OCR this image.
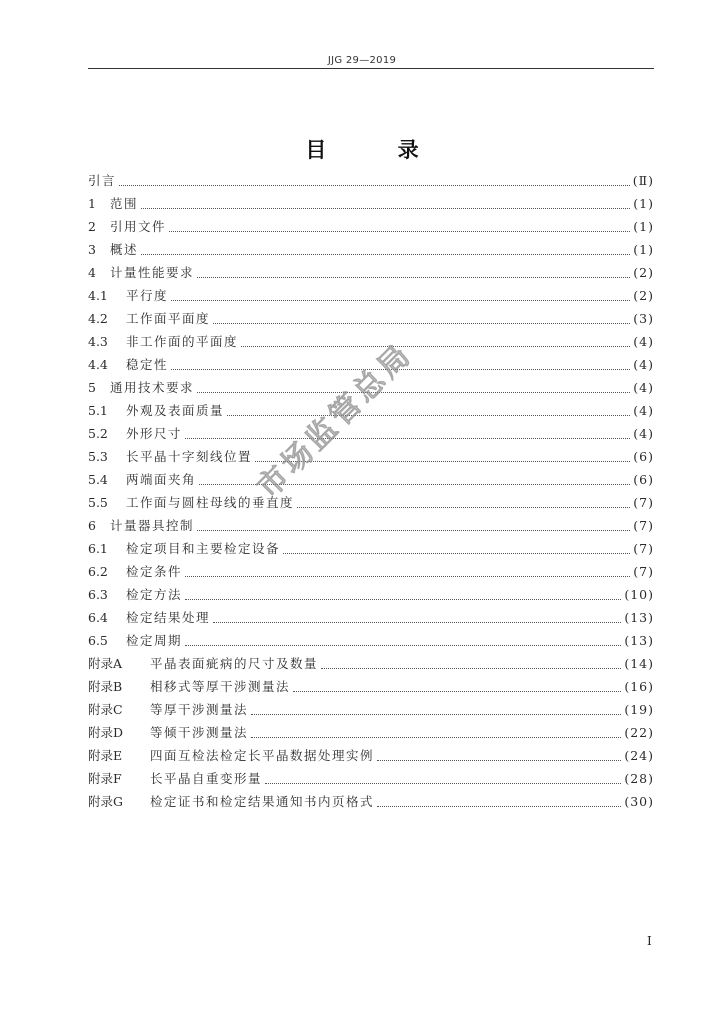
JJG 29—2019
目 录
引言	(Ⅱ)
1	范围	(1)
2	引用文件	(1)
3	概述	(1)
4	计量性能要求	(2)
4.1	平行度	(2)
4.2	工作面平面度	(3)
4.3	非工作面的平面度	(4)
4.4	稳定性	(4)
5	通用技术要求	(4)
5.1	外观及表面质量	(4)
5.2	外形尺寸	(4)
5.3	长平晶十字刻线位置	(6)
5.4	两端面夹角	(6)
5.5	工作面与圆柱母线的垂直度	(7)
6	计量器具控制	(7)
6.1	检定项目和主要检定设备	(7)
6.2	检定条件	(7)
6.3	检定方法	(10)
6.4	检定结果处理	(13)
6.5	检定周期	(13)
附录A	平晶表面疵病的尺寸及数量	(14)
附录B	相移式等厚干涉测量法	(16)
附录C	等厚干涉测量法	(19)
附录D	等倾干涉测量法	(22)
附录E	四面互检法检定长平晶数据处理实例	(24)
附录F	长平晶自重变形量	(28)
附录G	检定证书和检定结果通知书内页格式	(30)
市场监管总局
I
